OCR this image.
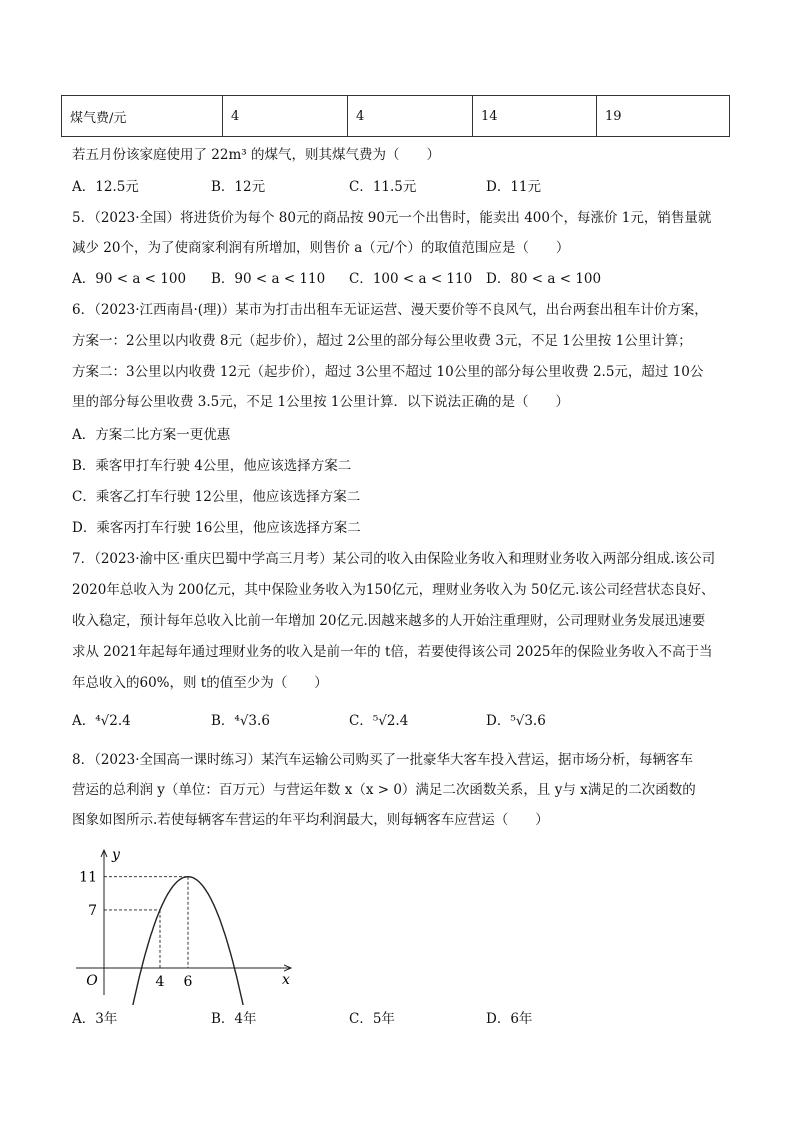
煤气费/元	4	4	14	19
若五月份该家庭使用了 22m³ 的煤气，则其煤气费为（　　）
A．12.5元	B．12元	C．11.5元	D．11元
5．（2023·全国）将进货价为每个 80元的商品按 90元一个出售时，能卖出 400个，每涨价 1元，销售量就
减少 20个，为了使商家利润有所增加，则售价 a（元/个）的取值范围应是（　　）
A．90 < a < 100 B．90 < a < 110 C．100 < a < 110 D．80 < a < 100
6．（2023·江西南昌·(理)）某市为打击出租车无证运营、漫天要价等不良风气，出台两套出租车计价方案，
方案一：2公里以内收费 8元（起步价），超过 2公里的部分每公里收费 3元，不足 1公里按 1公里计算；
方案二：3公里以内收费 12元（起步价），超过 3公里不超过 10公里的部分每公里收费 2.5元，超过 10公
里的部分每公里收费 3.5元，不足 1公里按 1公里计算．以下说法正确的是（　　）
A．方案二比方案一更优惠
B．乘客甲打车行驶 4公里，他应该选择方案二
C．乘客乙打车行驶 12公里，他应该选择方案二
D．乘客丙打车行驶 16公里，他应该选择方案二
7．（2023·渝中区·重庆巴蜀中学高三月考）某公司的收入由保险业务收入和理财业务收入两部分组成.该公司
2020年总收入为 200亿元，其中保险业务收入为150亿元，理财业务收入为 50亿元.该公司经营状态良好、
收入稳定，预计每年总收入比前一年增加 20亿元.因越来越多的人开始注重理财，公司理财业务发展迅速要
求从 2021年起每年通过理财业务的收入是前一年的 t倍，若要使得该公司 2025年的保险业务收入不高于当
年总收入的60%，则 t的值至少为（　　）
A．⁴√2.4	B．⁴√3.6	C．⁵√2.4	D．⁵√3.6
8．（2023·全国高一课时练习）某汽车运输公司购买了一批豪华大客车投入营运，据市场分析，每辆客车
营运的总利润 y（单位：百万元）与营运年数 x（x > 0）满足二次函数关系，且 y与 x满足的二次函数的
图象如图所示.若使每辆客车营运的年平均利润最大，则每辆客车应营运（　　）
7
11
4 6
O	x
y
A．3年	B．4年	C．5年	D．6年
